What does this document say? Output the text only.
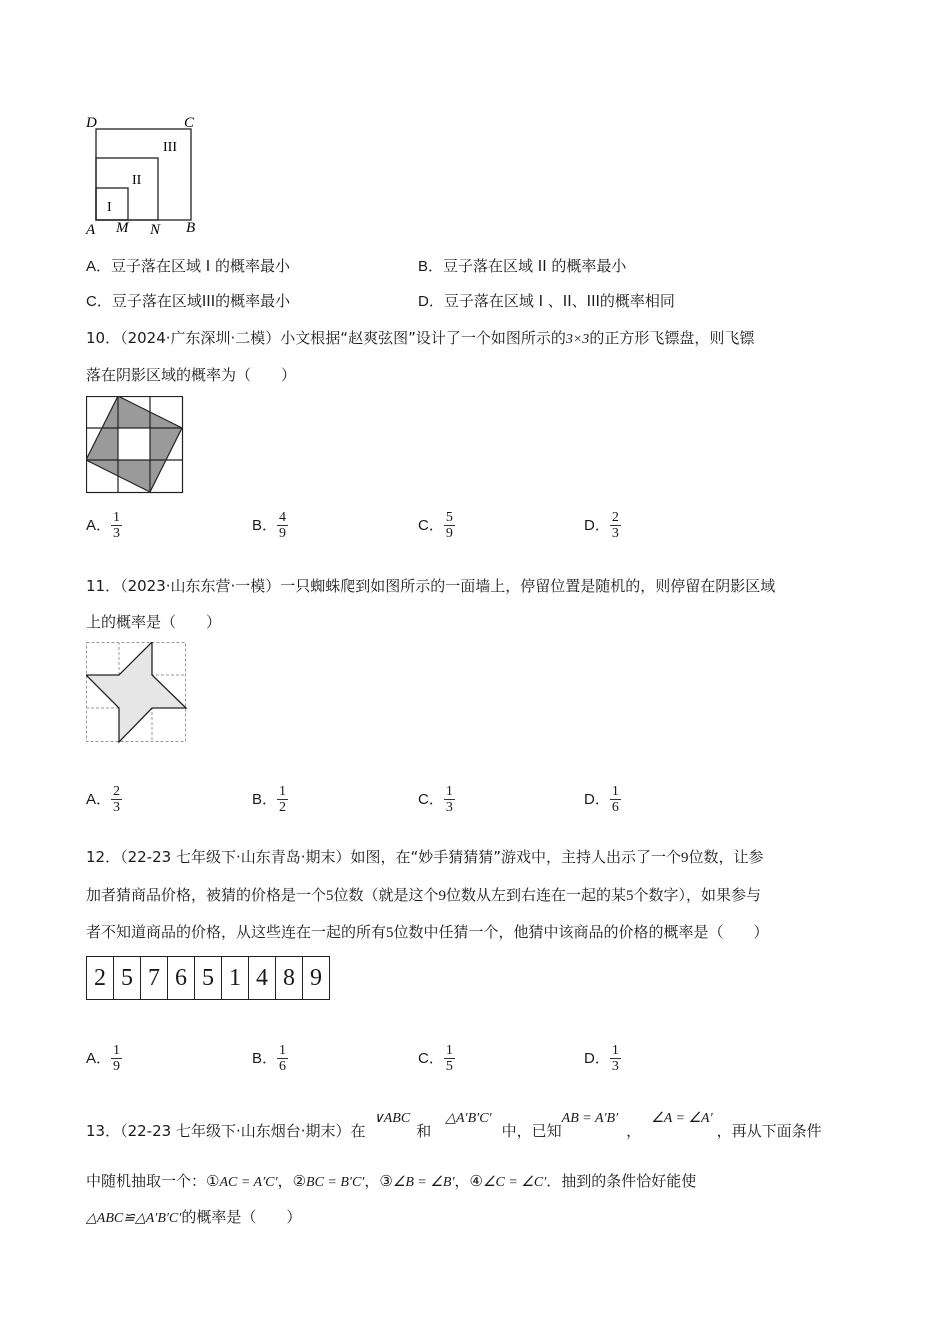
D	C
III
II
I
A M N B
A．豆子落在区域 I 的概率最小	B．豆子落在区域 II 的概率最小
C．豆子落在区域III的概率最小	D．豆子落在区域 I 、II、III的概率相同
10．（2024·广东深圳·二模）小文根据“赵爽弦图”设计了一个如图所示的3×3的正方形飞镖盘，则飞镖
落在阴影区域的概率为（　　）
A． $\frac{1}{3}$	B． $\frac{4}{9}$	C． $\frac{5}{9}$	D． $\frac{2}{3}$
11．（2023·山东东营·一模）一只蜘蛛爬到如图所示的一面墙上，停留位置是随机的，则停留在阴影区域
上的概率是（　　）
A． $\frac{2}{3}$	B． $\frac{1}{2}$	C． $\frac{1}{3}$	D． $\frac{1}{6}$
12．（22-23 七年级下·山东青岛·期末）如图，在“妙手猜猜猜”游戏中，主持人出示了一个9位数，让参
加者猜商品价格，被猜的价格是一个5位数（就是这个9位数从左到右连在一起的某5个数字），如果参与
者不知道商品的价格，从这些连在一起的所有5位数中任猜一个，他猜中该商品的价格的概率是（　　）
2 5 7 6 5 1 4 8 9
A． $\frac{1}{9}$	B． $\frac{1}{6}$	C． $\frac{1}{5}$	D． $\frac{1}{3}$
13．（22-23 七年级下·山东烟台·期末）在∨ABC和△A′B′C′中，已知AB = A′B′，∠A = ∠A′，再从下面条件
中随机抽取一个：①AC = A′C′，②BC = B′C′，③∠B = ∠B′，④∠C = ∠C′．抽到的条件恰好能使
△ABC≌△A′B′C′的概率是（　　）
